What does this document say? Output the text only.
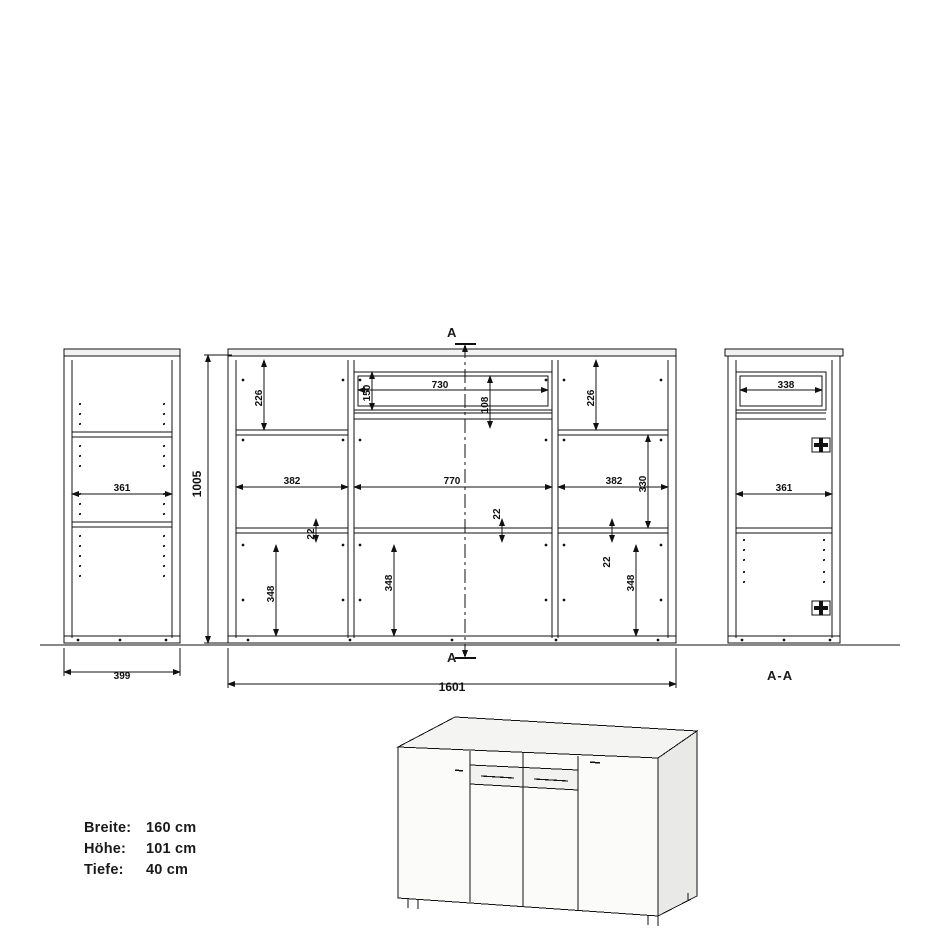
361
399
1005
1601
226	226
330
150	730
108
382	770	382
22
22
22
348
348	348
338
361
A
A
A-A
Breite: 160 cm
Höhe: 101 cm
Tiefe: 40 cm
